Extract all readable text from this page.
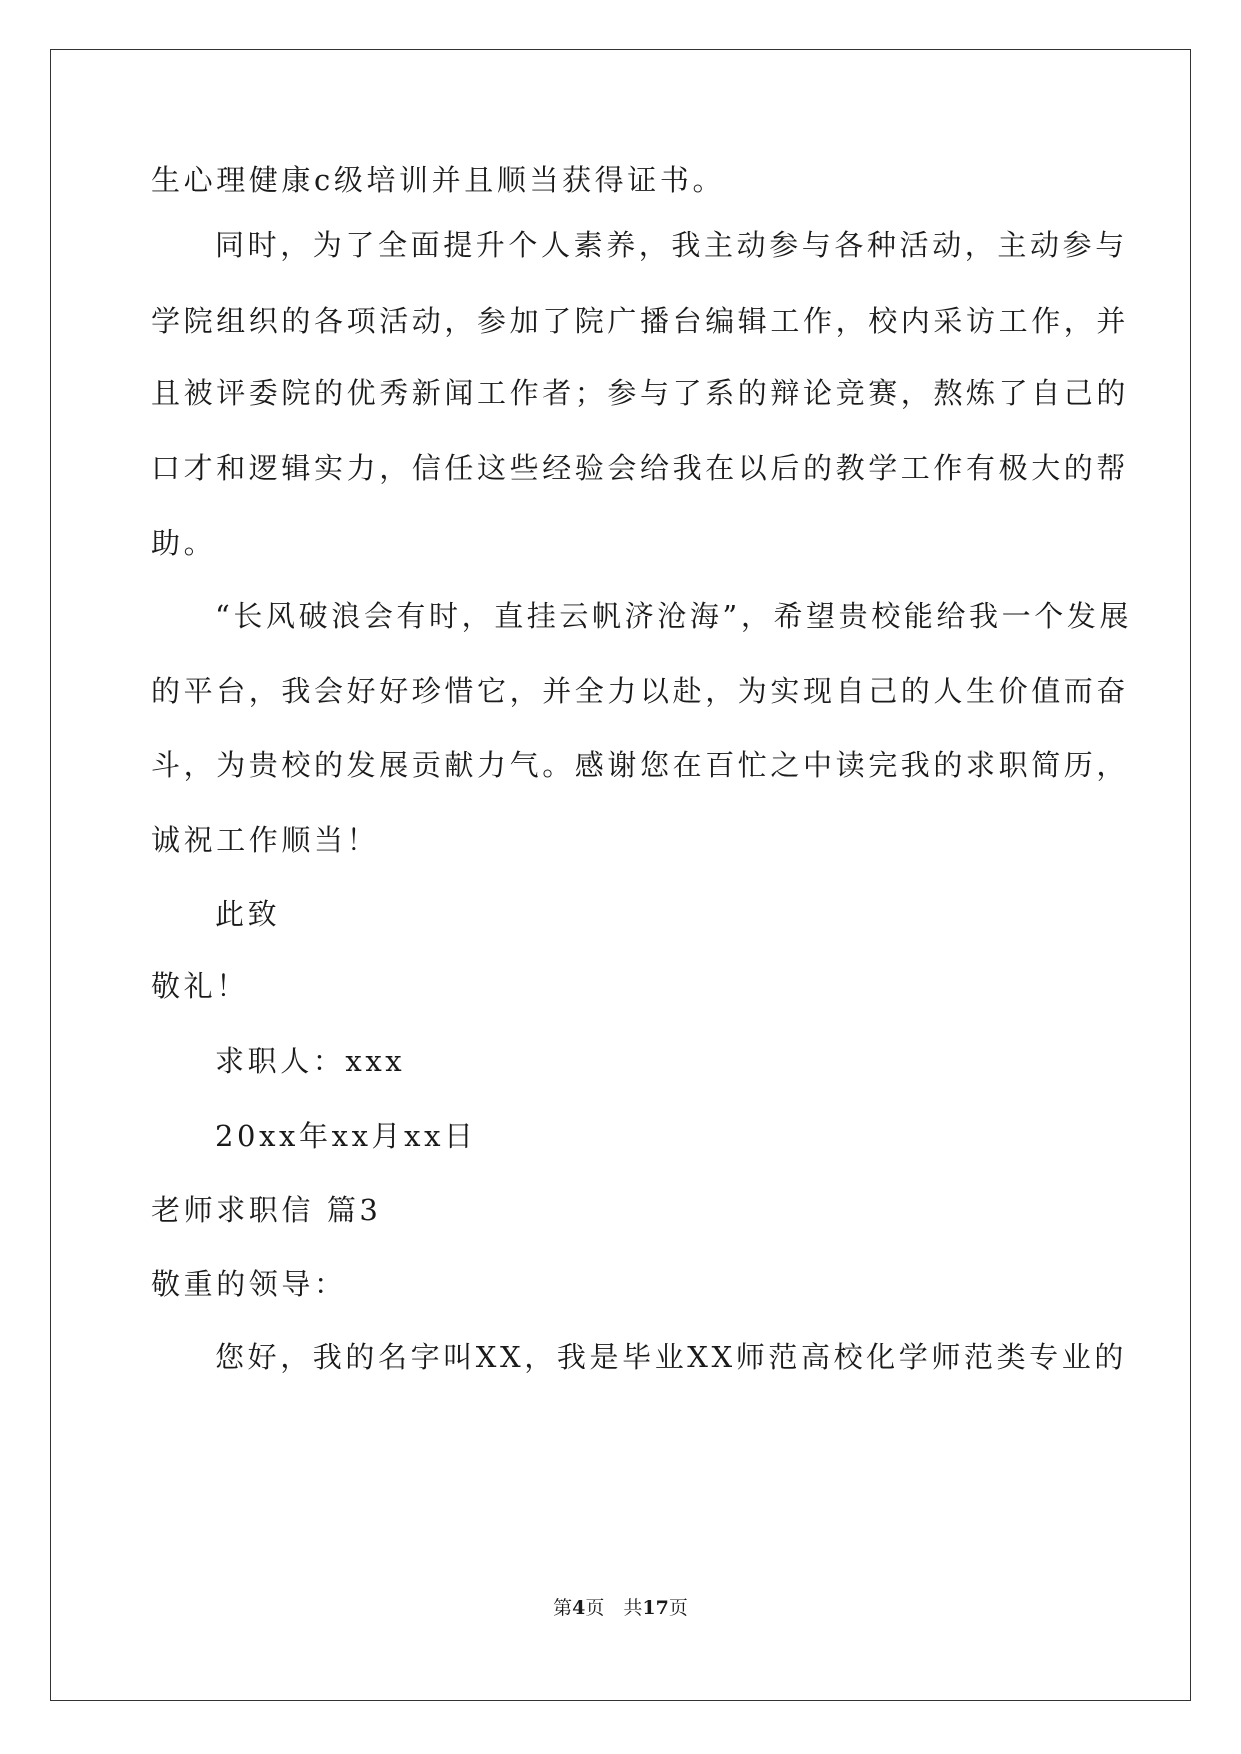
生心理健康c级培训并且顺当获得证书。
同时，为了全面提升个人素养，我主动参与各种活动，主动参与
学院组织的各项活动，参加了院广播台编辑工作，校内采访工作，并
且被评委院的优秀新闻工作者；参与了系的辩论竞赛，熬炼了自己的
口才和逻辑实力，信任这些经验会给我在以后的教学工作有极大的帮
助。
“长风破浪会有时，直挂云帆济沧海”，希望贵校能给我一个发展
的平台，我会好好珍惜它，并全力以赴，为实现自己的人生价值而奋
斗，为贵校的发展贡献力气。感谢您在百忙之中读完我的求职简历，
诚祝工作顺当！
此致
敬礼！
求职人：xxx
20xx年xx月xx日
老师求职信 篇3
敬重的领导：
您好，我的名字叫XX，我是毕业XX师范高校化学师范类专业的
第4页　共17页
